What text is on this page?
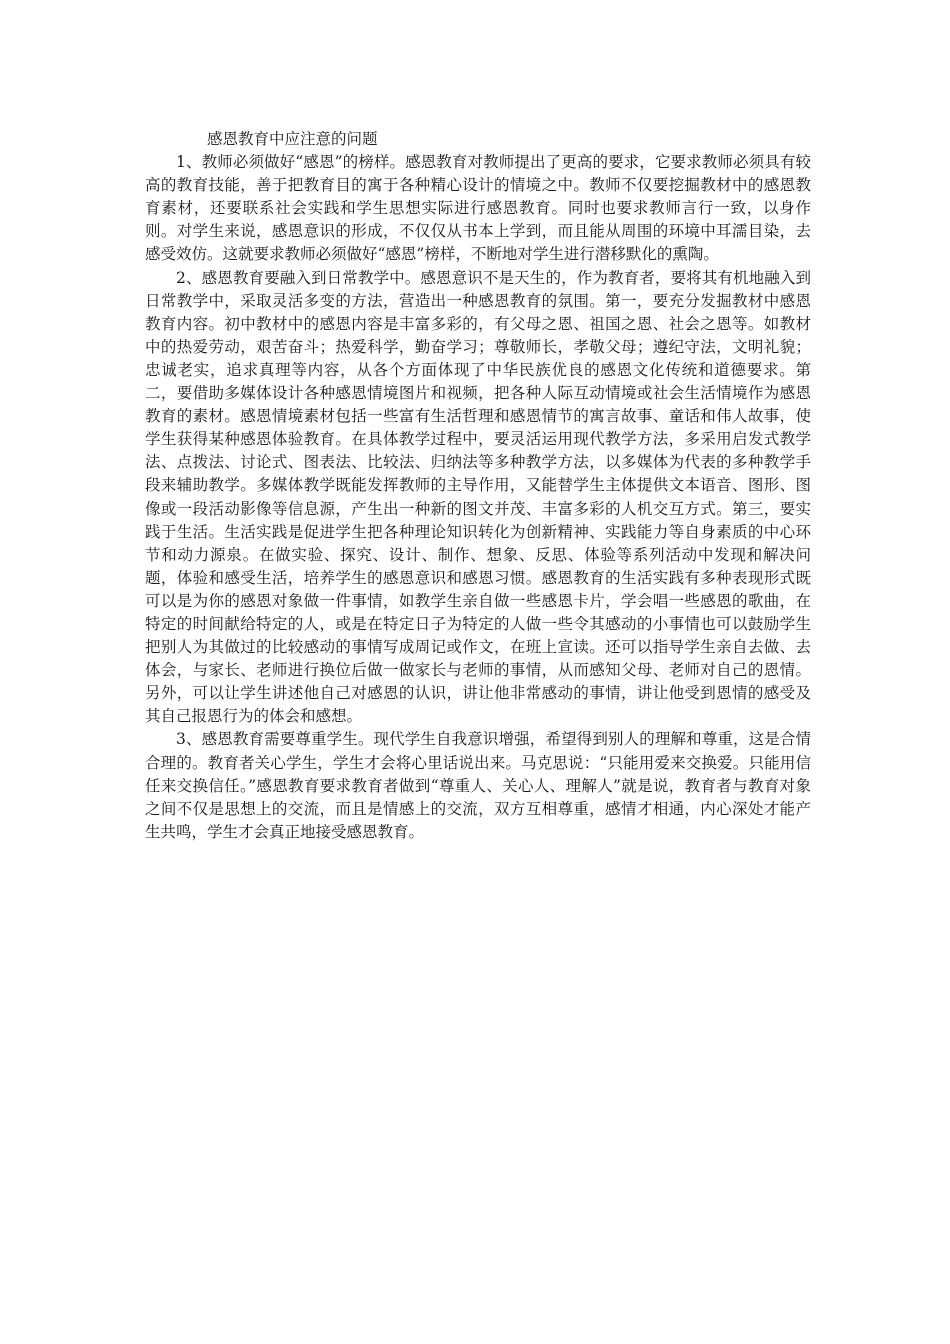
感恩教育中应注意的问题

1、教师必须做好“感恩”的榜样。感恩教育对教师提出了更高的要求，它要求教师必须具有较高的教育技能，善于把教育目的寓于各种精心设计的情境之中。教师不仅要挖掘教材中的感恩教育素材，还要联系社会实践和学生思想实际进行感恩教育。同时也要求教师言行一致，以身作则。对学生来说，感恩意识的形成，不仅仅从书本上学到，而且能从周围的环境中耳濡目染，去感受效仿。这就要求教师必须做好“感恩”榜样，不断地对学生进行潜移默化的熏陶。

2、感恩教育要融入到日常教学中。感恩意识不是天生的，作为教育者，要将其有机地融入到日常教学中，采取灵活多变的方法，营造出一种感恩教育的氛围。第一，要充分发掘教材中感恩教育内容。初中教材中的感恩内容是丰富多彩的，有父母之恩、祖国之恩、社会之恩等。如教材中的热爱劳动，艰苦奋斗；热爱科学，勤奋学习；尊敬师长，孝敬父母；遵纪守法，文明礼貌；忠诚老实，追求真理等内容，从各个方面体现了中华民族优良的感恩文化传统和道德要求。第二，要借助多媒体设计各种感恩情境图片和视频，把各种人际互动情境或社会生活情境作为感恩教育的素材。感恩情境素材包括一些富有生活哲理和感恩情节的寓言故事、童话和伟人故事，使学生获得某种感恩体验教育。在具体教学过程中，要灵活运用现代教学方法，多采用启发式教学法、点拨法、讨论式、图表法、比较法、归纳法等多种教学方法，以多媒体为代表的多种教学手段来辅助教学。多媒体教学既能发挥教师的主导作用，又能替学生主体提供文本语音、图形、图像或一段活动影像等信息源，产生出一种新的图文并茂、丰富多彩的人机交互方式。第三，要实践于生活。生活实践是促进学生把各种理论知识转化为创新精神、实践能力等自身素质的中心环节和动力源泉。在做实验、探究、设计、制作、想象、反思、体验等系列活动中发现和解决问题，体验和感受生活，培养学生的感恩意识和感恩习惯。感恩教育的生活实践有多种表现形式既可以是为你的感恩对象做一件事情，如教学生亲自做一些感恩卡片，学会唱一些感恩的歌曲，在特定的时间献给特定的人，或是在特定日子为特定的人做一些令其感动的小事情也可以鼓励学生把别人为其做过的比较感动的事情写成周记或作文，在班上宣读。还可以指导学生亲自去做、去体会，与家长、老师进行换位后做一做家长与老师的事情，从而感知父母、老师对自己的恩情。另外，可以让学生讲述他自己对感恩的认识，讲让他非常感动的事情，讲让他受到恩情的感受及其自己报恩行为的体会和感想。

3、感恩教育需要尊重学生。现代学生自我意识增强，希望得到别人的理解和尊重，这是合情合理的。教育者关心学生，学生才会将心里话说出来。马克思说：“只能用爱来交换爱。只能用信任来交换信任。”感恩教育要求教育者做到“尊重人、关心人、理解人”就是说，教育者与教育对象之间不仅是思想上的交流，而且是情感上的交流，双方互相尊重，感情才相通，内心深处才能产生共鸣，学生才会真正地接受感恩教育。
